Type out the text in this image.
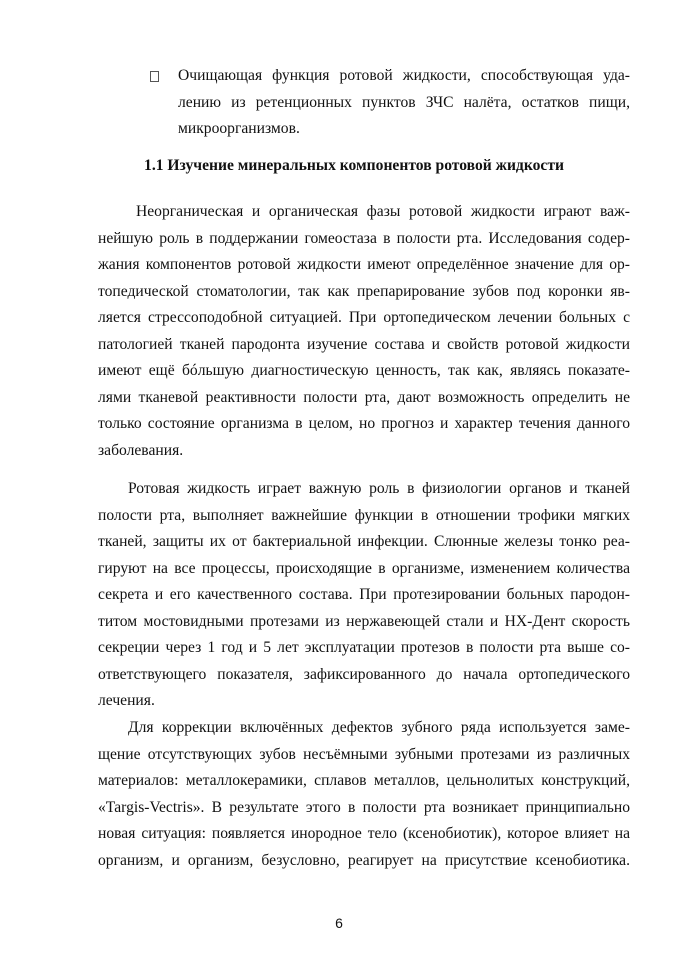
Очищающая функция ротовой жидкости, способствующая уда-
лению из ретенционных пунктов ЗЧС налёта, остатков пищи,
микроорганизмов.
1.1 Изучение минеральных компонентов ротовой жидкости
Неорганическая и органическая фазы ротовой жидкости играют важ-
нейшую роль в поддержании гомеостаза в полости рта. Исследования содер-
жания компонентов ротовой жидкости имеют определённое значение для ор-
топедической стоматологии, так как препарирование зубов под коронки яв-
ляется стрессоподобной ситуацией. При ортопедическом лечении больных с
патологией тканей пародонта изучение состава и свойств ротовой жидкости
имеют ещё бóльшую диагностическую ценность, так как, являясь показате-
лями тканевой реактивности полости рта, дают возможность определить не
только состояние организма в целом, но прогноз и характер течения данного
заболевания.
Ротовая жидкость играет важную роль в физиологии органов и тканей
полости рта, выполняет важнейшие функции в отношении трофики мягких
тканей, защиты их от бактериальной инфекции. Слюнные железы тонко реа-
гируют на все процессы, происходящие в организме, изменением количества
секрета и его качественного состава. При протезировании больных пародон-
титом мостовидными протезами из нержавеющей стали и НХ-Дент скорость
секреции через 1 год и 5 лет эксплуатации протезов в полости рта выше со-
ответствующего показателя, зафиксированного до начала ортопедического
лечения.
Для коррекции включённых дефектов зубного ряда используется заме-
щение отсутствующих зубов несъёмными зубными протезами из различных
материалов: металлокерамики, сплавов металлов, цельнолитых конструкций,
«Targis-Vectris». В результате этого в полости рта возникает принципиально
новая ситуация: появляется инородное тело (ксенобиотик), которое влияет на
организм, и организм, безусловно, реагирует на присутствие ксенобиотика.
6
